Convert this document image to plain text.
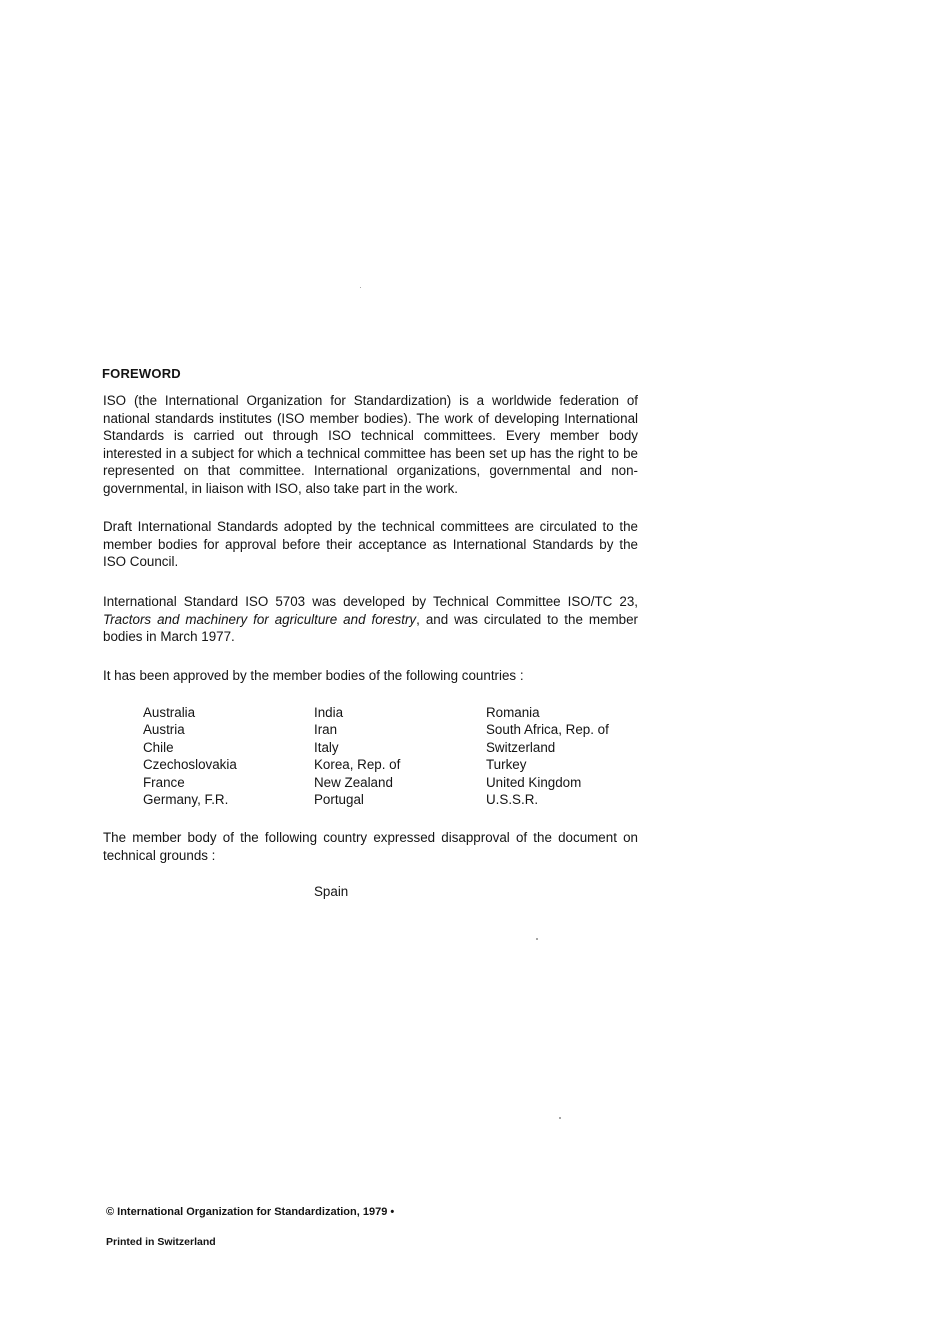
FOREWORD
ISO (the International Organization for Standardization) is a worldwide federation of national standards institutes (ISO member bodies). The work of developing International Standards is carried out through ISO technical committees. Every member body interested in a subject for which a technical committee has been set up has the right to be represented on that committee. International organizations, governmental and non-governmental, in liaison with ISO, also take part in the work.
Draft International Standards adopted by the technical committees are circulated to the member bodies for approval before their acceptance as International Standards by the ISO Council.
International Standard ISO 5703 was developed by Technical Committee ISO/TC 23, Tractors and machinery for agriculture and forestry, and was circulated to the member bodies in March 1977.
It has been approved by the member bodies of the following countries :
Australia
Austria
Chile
Czechoslovakia
France
Germany, F.R.
India
Iran
Italy
Korea, Rep. of
New Zealand
Portugal
Romania
South Africa, Rep. of
Switzerland
Turkey
United Kingdom
U.S.S.R.
The member body of the following country expressed disapproval of the document on technical grounds :
Spain
© International Organization for Standardization, 1979 •
Printed in Switzerland
